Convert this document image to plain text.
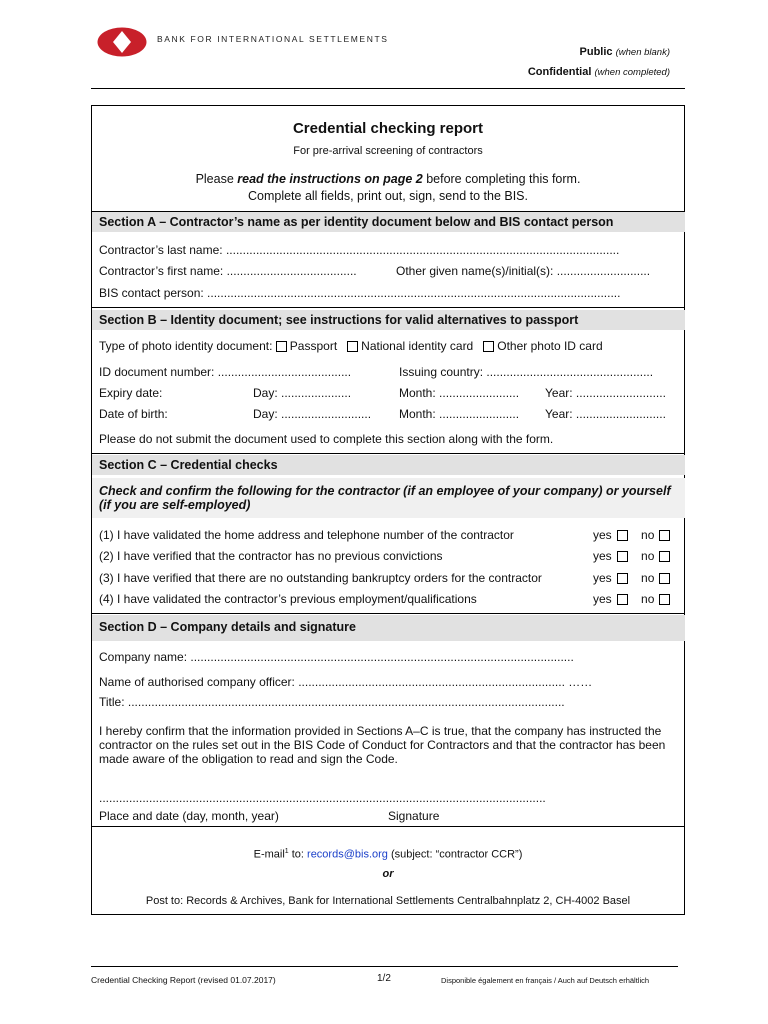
BANK FOR INTERNATIONAL SETTLEMENTS
Public (when blank)
Confidential (when completed)
Credential checking report
For pre-arrival screening of contractors
Please read the instructions on page 2 before completing this form.
Complete all fields, print out, sign, send to the BIS.
Section A – Contractor’s name as per identity document below and BIS contact person
Contractor’s last name: ......................................................................................................................
Contractor’s first name: .......................................	Other given name(s)/initial(s): ............................
BIS contact person: ............................................................................................................................
Section B – Identity document; see instructions for valid alternatives to passport
Type of photo identity document: Passport National identity card Other photo ID card
ID document number: ........................................	Issuing country: ..................................................
Expiry date:	Day: .....................	Month: ........................ Year: ...........................
Date of birth:	Day: ........................... Month: ........................ Year: ...........................
Please do not submit the document used to complete this section along with the form.
Section C – Credential checks
Check and confirm the following for the contractor (if an employee of your company) or yourself (if you are self-employed)
(1) I have validated the home address and telephone number of the contractor	yes no
(2) I have verified that the contractor has no previous convictions	yes no
(3) I have verified that there are no outstanding bankruptcy orders for the contractor	yes no
(4) I have validated the contractor’s previous employment/qualifications	yes no
Section D – Company details and signature
Company name: ...................................................................................................................
Name of authorised company officer: ................................................................................ ……
Title: ...................................................................................................................................
I hereby confirm that the information provided in Sections A–C is true, that the company has instructed the contractor on the rules set out in the BIS Code of Conduct for Contractors and that the contractor has been made aware of the obligation to read and sign the Code.
......................................................................................................................................
Place and date (day, month, year)	Signature
E-mail$^1$ to: records@bis.org (subject: “contractor CCR”)
or
Post to: Records & Archives, Bank for International Settlements Centralbahnplatz 2, CH-4002 Basel
Credential Checking Report (revised 01.07.2017)	1/2	Disponible également en français / Auch auf Deutsch erhältlich
